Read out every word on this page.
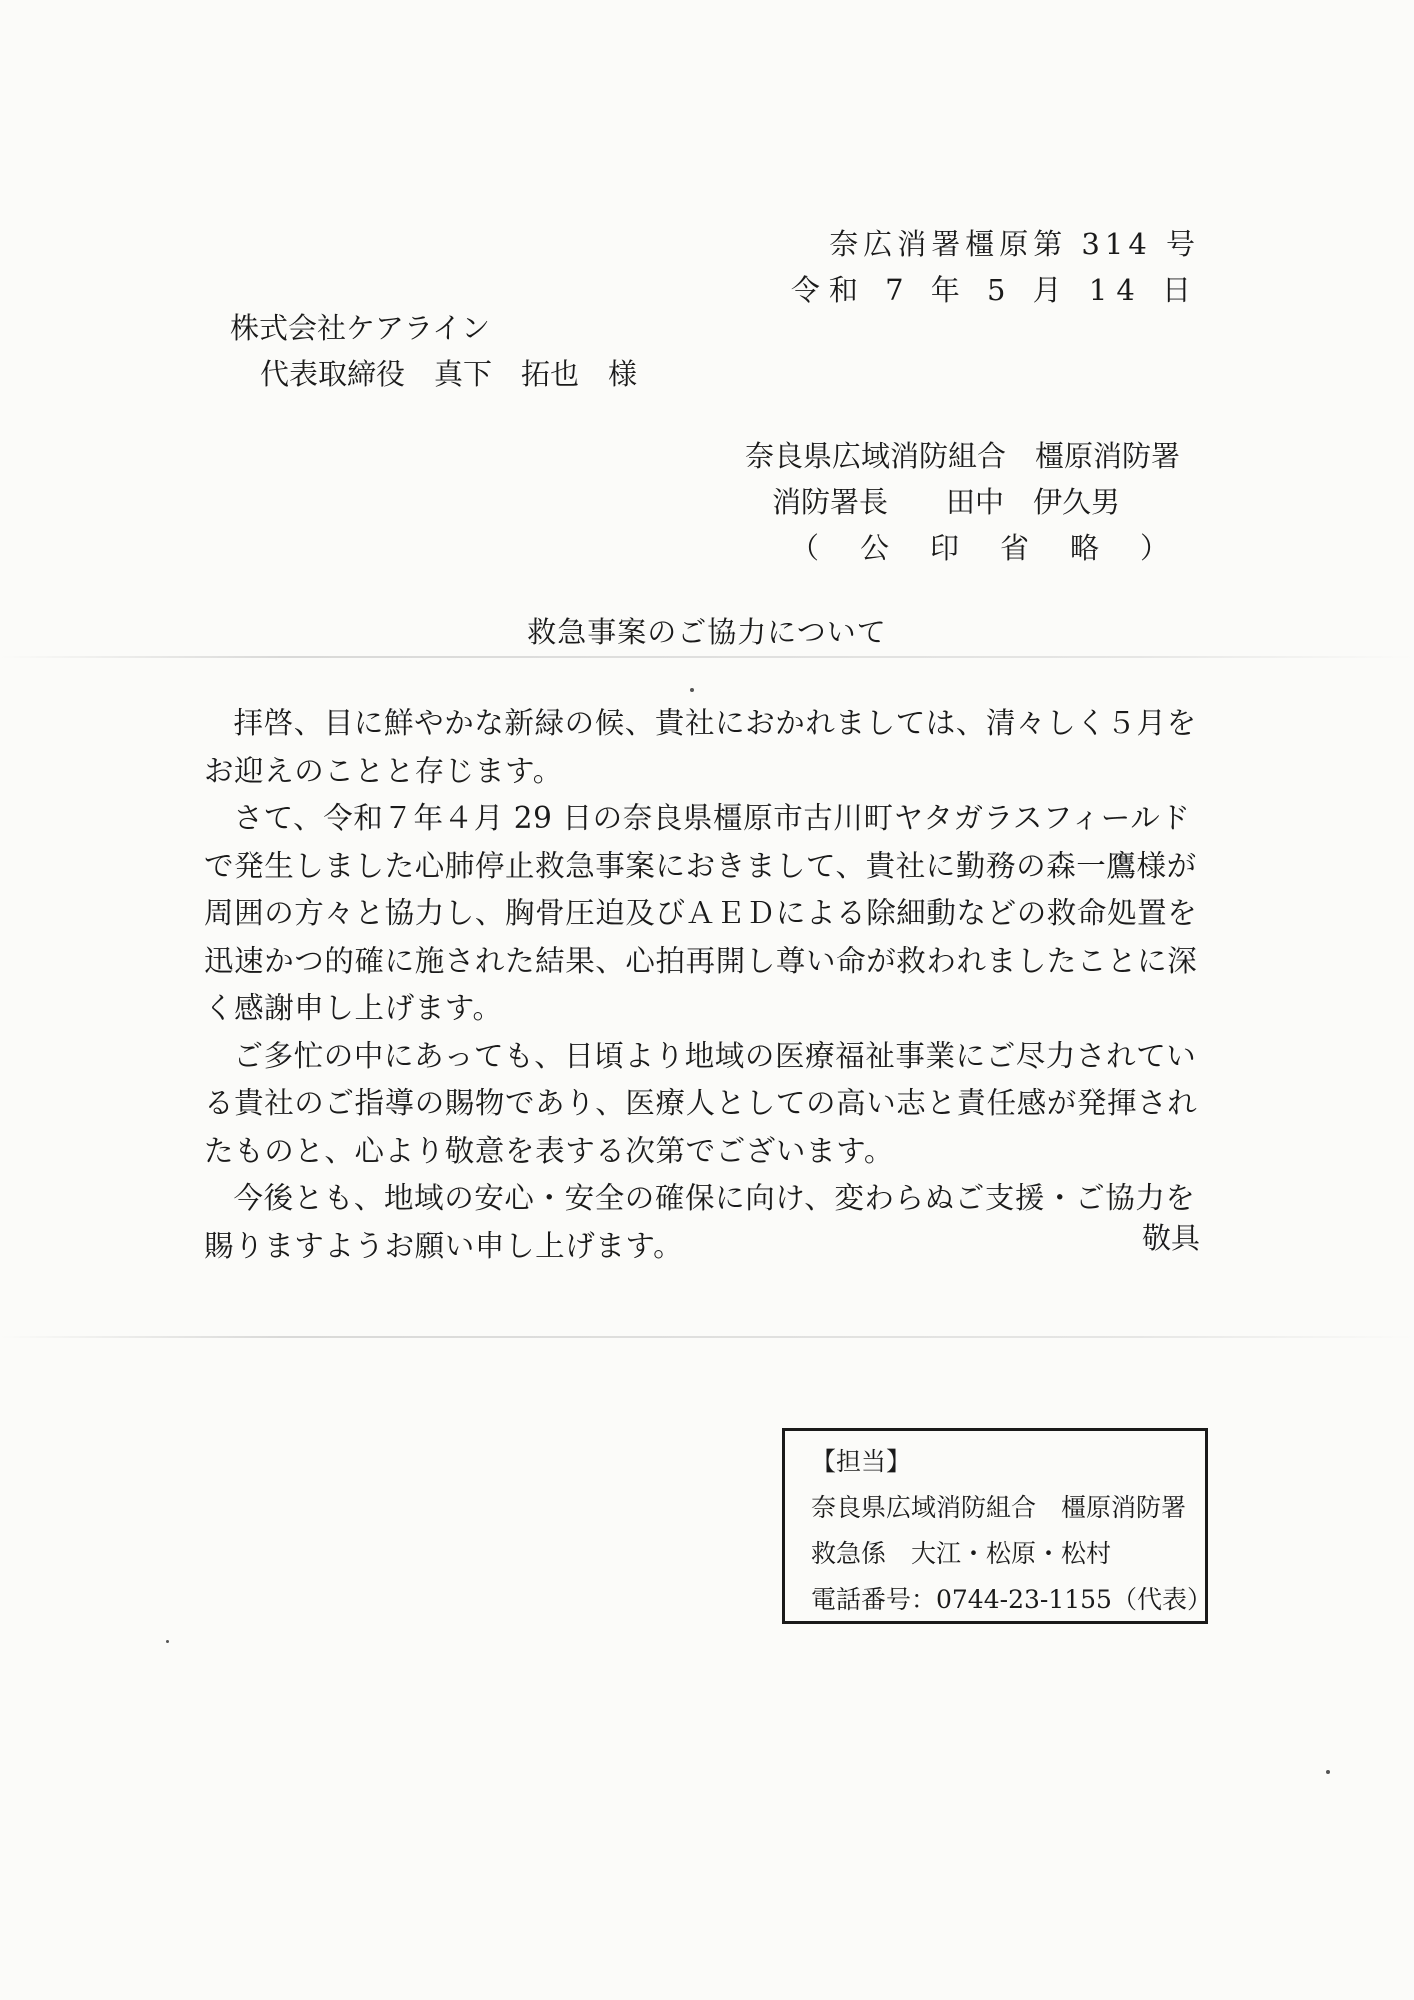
奈広消署橿原第 314 号
令和 7 年 5 月 14 日
株式会社ケアライン
代表取締役　真下　拓也　様
奈良県広域消防組合　橿原消防署
消防署長　　田中　伊久男
（　公　印　省　略　）
救急事案のご協力について

拝啓、目に鮮やかな新緑の候、貴社におかれましては、清々しく５月をお迎えのことと存じます。

さて、令和７年４月 29 日の奈良県橿原市古川町ヤタガラスフィールドで発生しました心肺停止救急事案におきまして、貴社に勤務の森一鷹様が周囲の方々と協力し、胸骨圧迫及びＡＥＤによる除細動などの救命処置を迅速かつ的確に施された結果、心拍再開し尊い命が救われましたことに深く感謝申し上げます。

ご多忙の中にあっても、日頃より地域の医療福祉事業にご尽力されている貴社のご指導の賜物であり、医療人としての高い志と責任感が発揮されたものと、心より敬意を表する次第でございます。

今後とも、地域の安心・安全の確保に向け、変わらぬご支援・ご協力を賜りますようお願い申し上げます。	敬具
【担当】
奈良県広域消防組合　橿原消防署
救急係　大江・松原・松村
電話番号：0744-23-1155（代表）
